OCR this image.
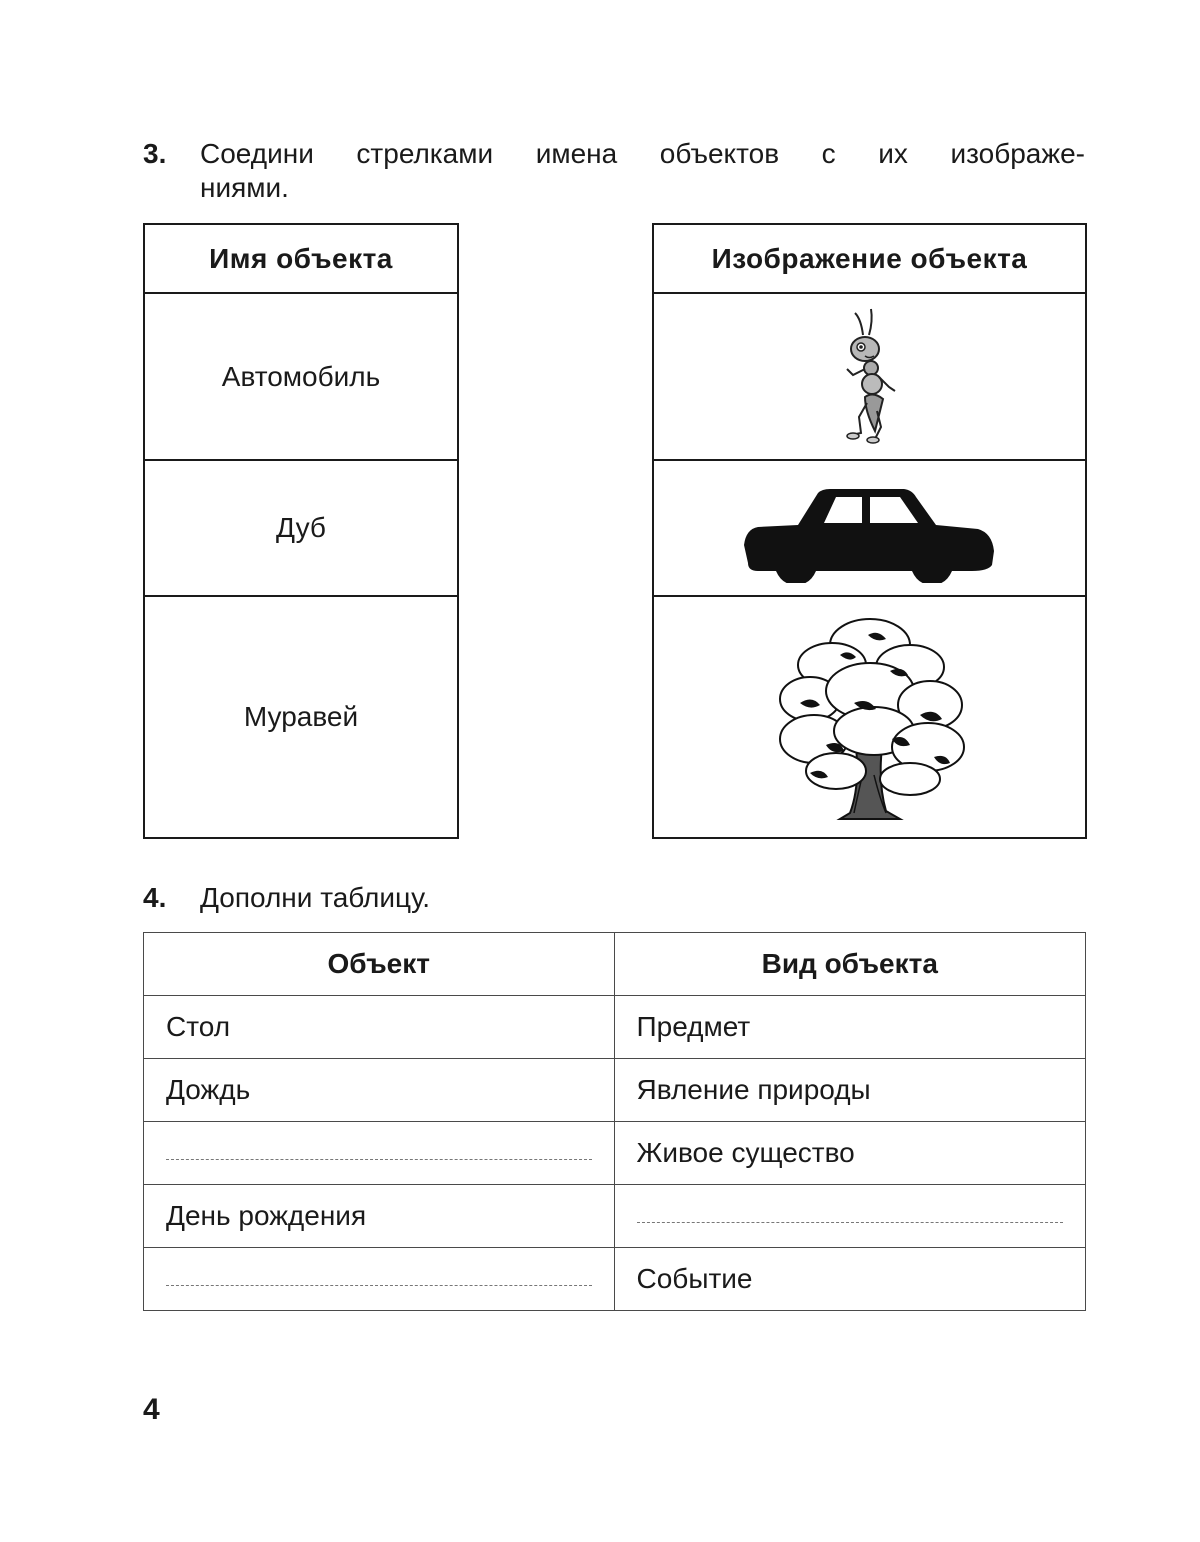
3. Соедини стрелками имена объектов с их изображе-
ниями.
Имя объекта
Автомобиль
Дуб
Муравей
Изображение объекта
4. Дополни таблицу.
Объект	Вид объекта
Стол	Предмет
Дождь	Явление природы

	Живое существо
День рождения	

	Событие
4
